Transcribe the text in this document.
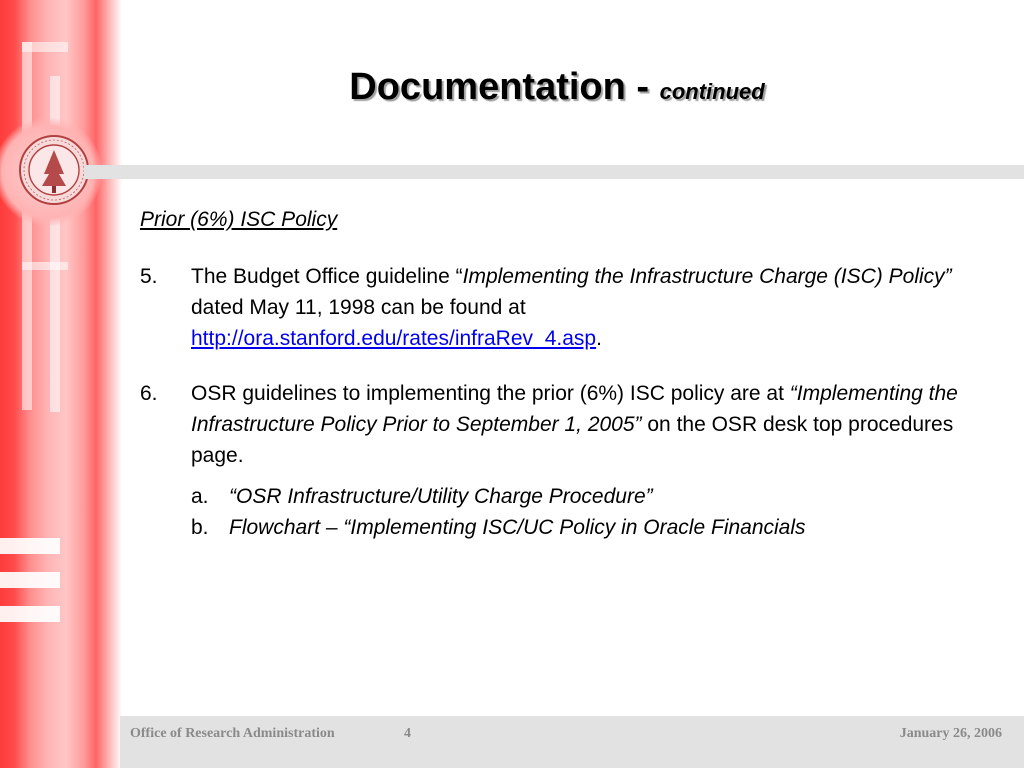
Documentation - continued
Prior (6%) ISC Policy
5.	The Budget Office guideline “Implementing the Infrastructure Charge (ISC) Policy” dated May 11, 1998 can be found at
http://ora.stanford.edu/rates/infraRev_4.asp.
6.	OSR guidelines to implementing the prior (6%) ISC policy are at “Implementing the Infrastructure Policy Prior to September 1, 2005” on the OSR desk top procedures page.
a. “OSR Infrastructure/Utility Charge Procedure”
b. Flowchart – “Implementing ISC/UC Policy in Oracle Financials
Office of Research Administration	4	January 26, 2006
